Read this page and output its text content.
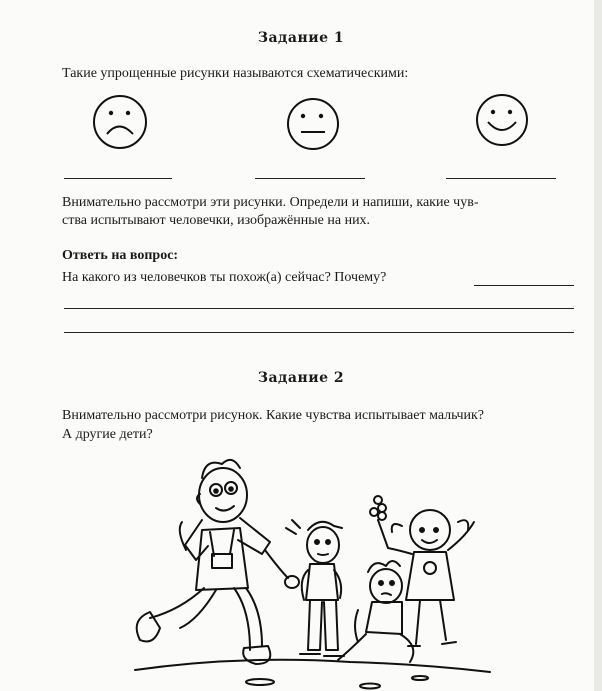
Задание 1
Такие упрощенные рисунки называются схематическими:
Внимательно рассмотри эти рисунки. Определи и напиши, какие чув-
ства испытывают человечки, изображённые на них.
Ответь на вопрос:
На какого из человечков ты похож(а) сейчас? Почему?
Задание 2
Внимательно рассмотри рисунок. Какие чувства испытывает мальчик?
А другие дети?
